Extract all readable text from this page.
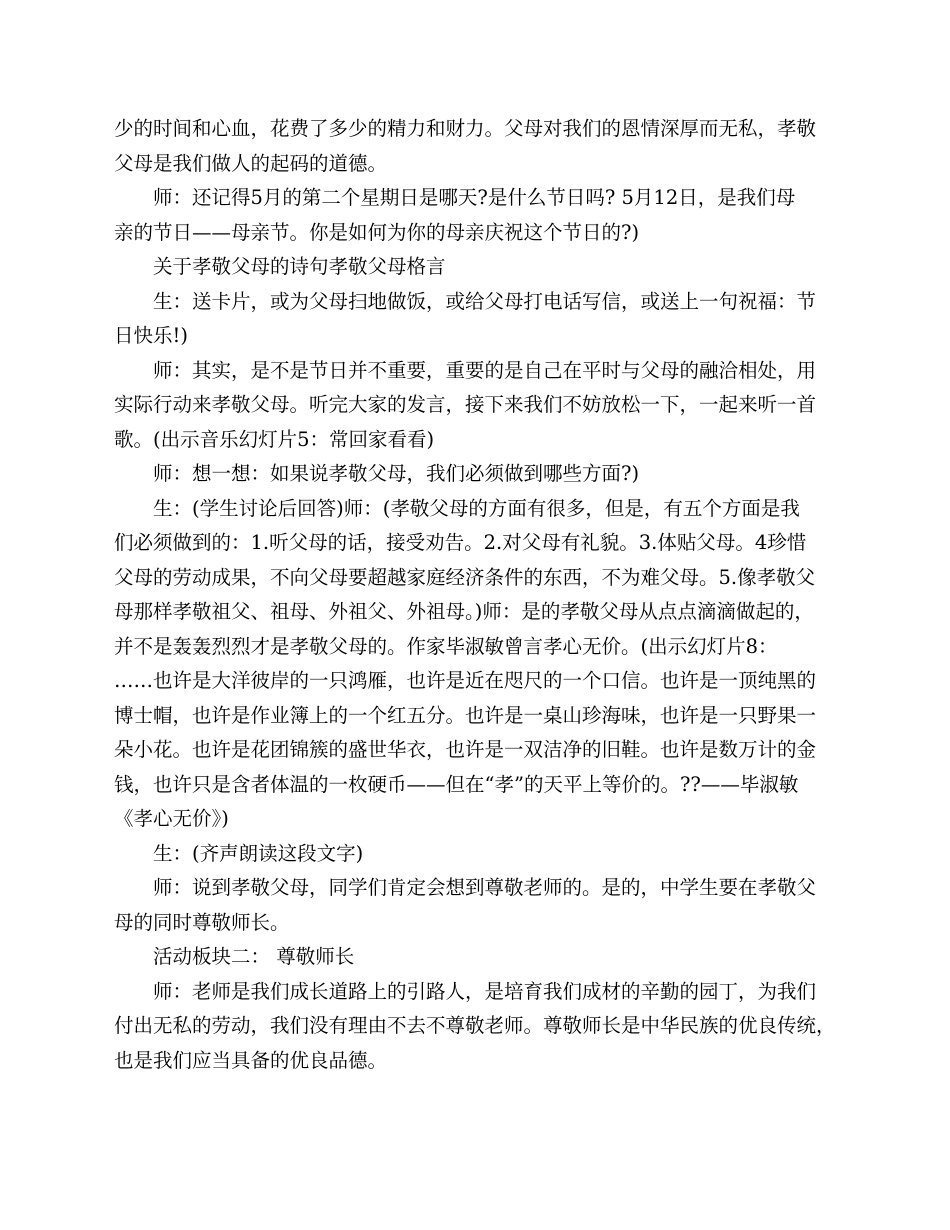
少的时间和心血，花费了多少的精力和财力。父母对我们的恩情深厚而无私，孝敬
父母是我们做人的起码的道德。
师：还记得5月的第二个星期日是哪天?是什么节日吗? 5月12日，是我们母
亲的节日——母亲节。你是如何为你的母亲庆祝这个节日的?)
关于孝敬父母的诗句孝敬父母格言
生：送卡片，或为父母扫地做饭，或给父母打电话写信，或送上一句祝福：节
日快乐!)
师：其实，是不是节日并不重要，重要的是自己在平时与父母的融洽相处，用
实际行动来孝敬父母。听完大家的发言，接下来我们不妨放松一下，一起来听一首
歌。(出示音乐幻灯片5：常回家看看)
师：想一想：如果说孝敬父母，我们必须做到哪些方面?)
生：(学生讨论后回答)师：(孝敬父母的方面有很多，但是，有五个方面是我
们必须做到的：1.听父母的话，接受劝告。2.对父母有礼貌。3.体贴父母。4珍惜
父母的劳动成果，不向父母要超越家庭经济条件的东西，不为难父母。5.像孝敬父
母那样孝敬祖父、祖母、外祖父、外祖母。)师：是的孝敬父母从点点滴滴做起的，
并不是轰轰烈烈才是孝敬父母的。作家毕淑敏曾言孝心无价。(出示幻灯片8：
……也许是大洋彼岸的一只鸿雁，也许是近在咫尺的一个口信。也许是一顶纯黑的
博士帽，也许是作业簿上的一个红五分。也许是一桌山珍海味，也许是一只野果一
朵小花。也许是花团锦簇的盛世华衣，也许是一双洁净的旧鞋。也许是数万计的金
钱，也许只是含者体温的一枚硬币——但在“孝”的天平上等价的。??——毕淑敏
《孝心无价》)
生：(齐声朗读这段文字)
师：说到孝敬父母，同学们肯定会想到尊敬老师的。是的，中学生要在孝敬父
母的同时尊敬师长。
活动板块二： 尊敬师长
师：老师是我们成长道路上的引路人，是培育我们成材的辛勤的园丁，为我们
付出无私的劳动，我们没有理由不去不尊敬老师。尊敬师长是中华民族的优良传统，
也是我们应当具备的优良品德。
